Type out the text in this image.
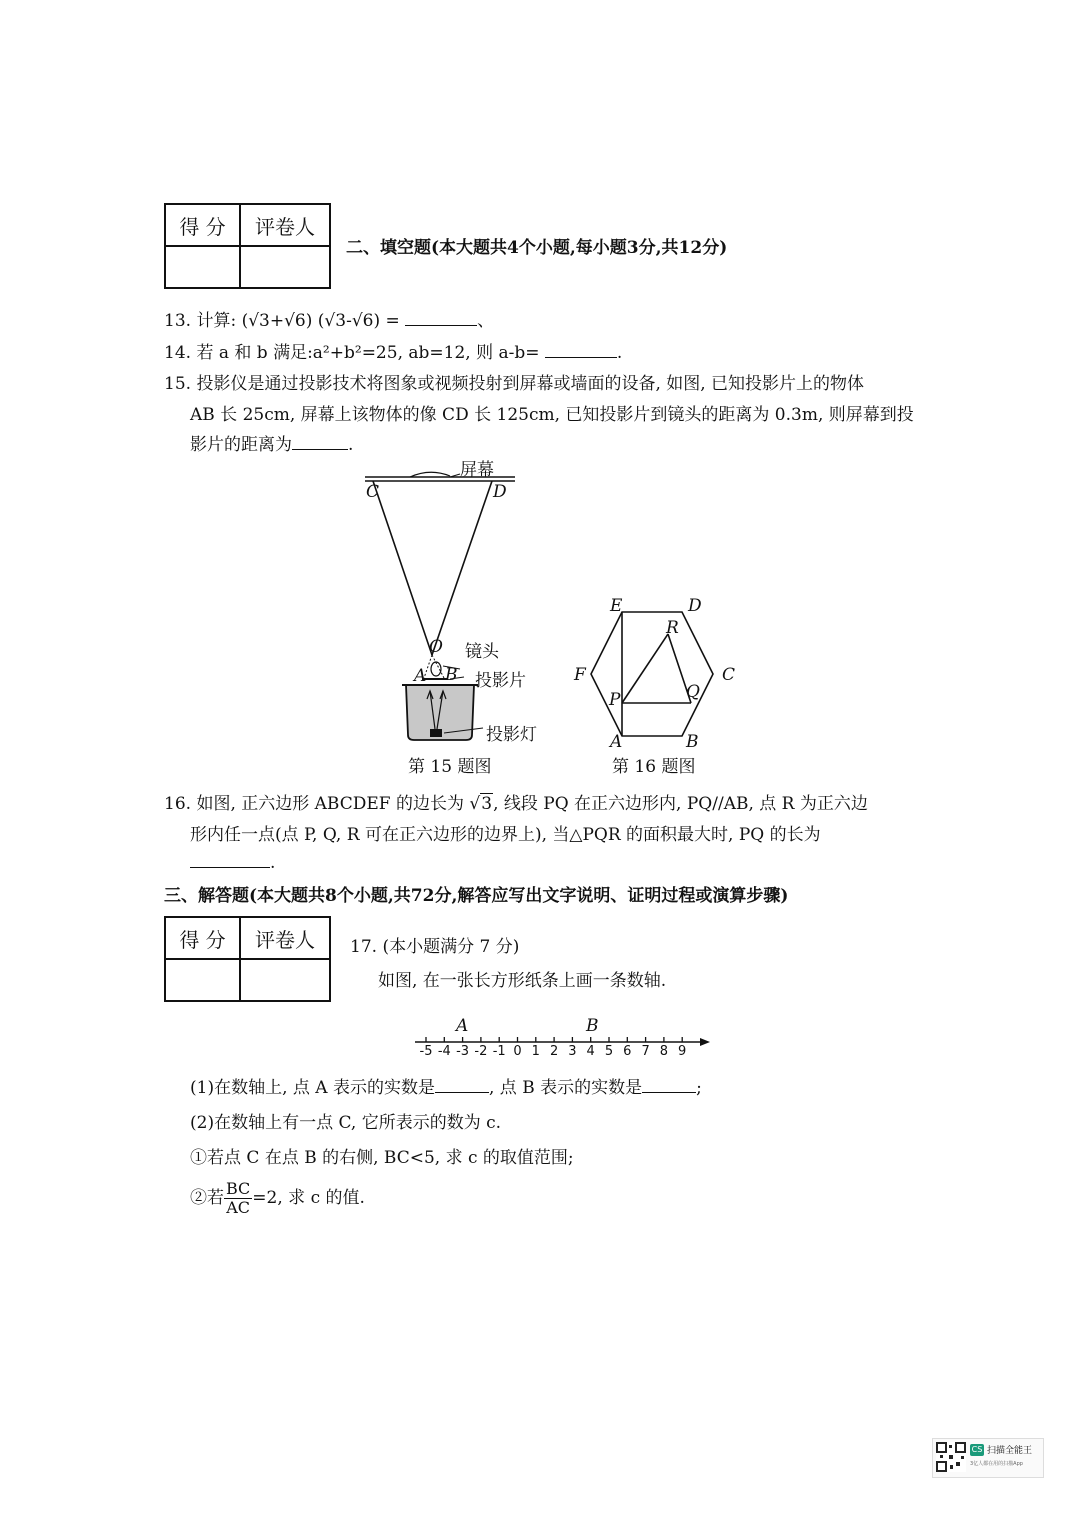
得 分	评卷人

二、填空题(本大题共4个小题,每小题3分,共12分)
13. 计算: (√3+√6) (√3-√6) =	、
14. 若 a 和 b 满足:a²+b²=25, ab=12, 则 a-b=	.
15. 投影仪是通过投影技术将图象或视频投射到屏幕或墙面的设备, 如图, 已知投影片上的物体
AB 长 25cm, 屏幕上该物体的像 CD 长 125cm, 已知投影片到镜头的距离为 0.3m, 则屏幕到投
影片的距离为	.
屏幕
C	D
O
A B
镜头
投影片
投影灯
第 15 题图
E	D
F	C
A	B
R
P	Q
第 16 题图
16. 如图, 正六边形 ABCDEF 的边长为 √3, 线段 PQ 在正六边形内, PQ//AB, 点 R 为正六边
形内任一点(点 P, Q, R 可在正六边形的边界上), 当△PQR 的面积最大时, PQ 的长为
.
三、解答题(本大题共8个小题,共72分,解答应写出文字说明、证明过程或演算步骤)
得 分	评卷人
	17. (本小题满分 7 分)
如图, 在一张长方形纸条上画一条数轴.
-5 -4 -3 -2 -1 0 1 2 3 4 5 6 7 8 9
A	B
(1)在数轴上, 点 A 表示的实数是	, 点 B 表示的实数是	;
(2)在数轴上有一点 C, 它所表示的数为 c.
①若点 C 在点 B 的右侧, BC<5, 求 c 的取值范围;
②若 $\frac{BC}{AC} =2$, 求 c 的值.
CS 扫描全能王
3亿人都在用的扫描App
